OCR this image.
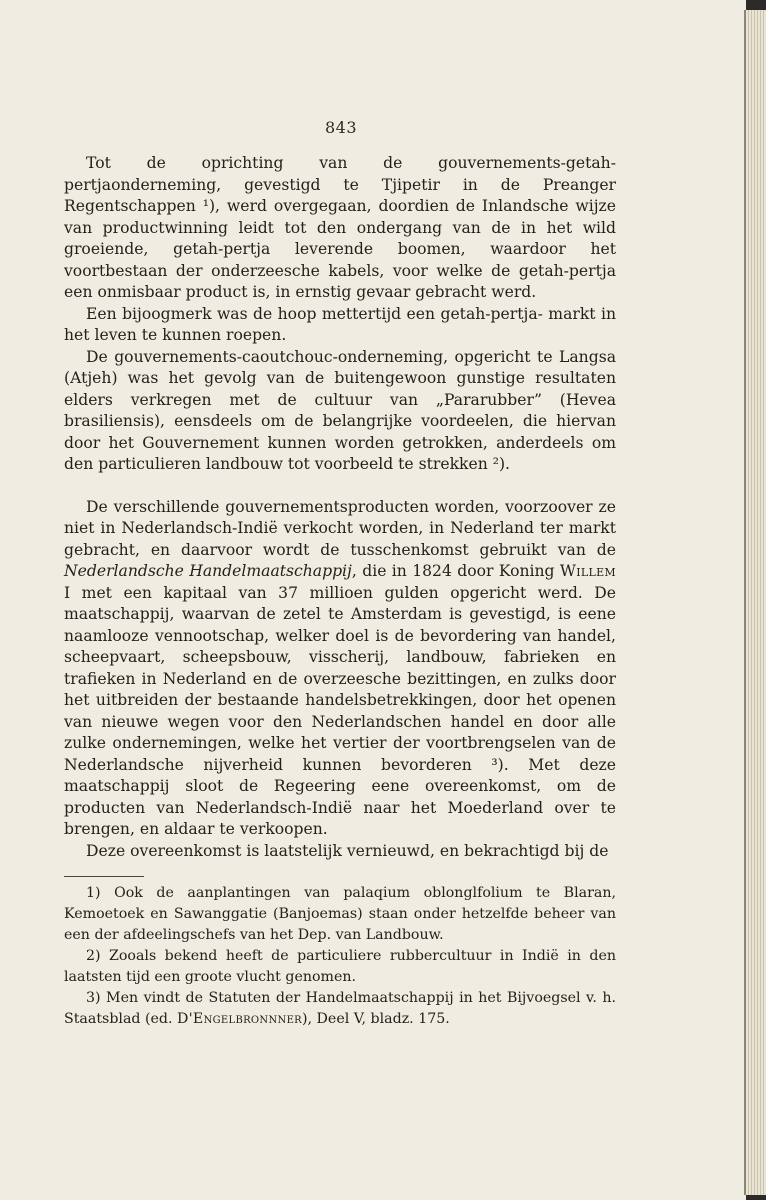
843

Tot de oprichting van de gouvernements-getah-pertjaonderneming, gevestigd te Tjipetir in de Preanger Regentschappen ¹), werd overgegaan, doordien de Inlandsche wijze van productwinning leidt tot den ondergang van de in het wild groeiende, getah-pertja leverende boomen, waardoor het voortbestaan der onderzeesche kabels, voor welke de getah-pertja een onmisbaar product is, in ernstig gevaar gebracht werd.

Een bijoogmerk was de hoop mettertijd een getah-pertja- markt in het leven te kunnen roepen.

De gouvernements-caoutchouc-onderneming, opgericht te Langsa (Atjeh) was het gevolg van de buitengewoon gunstige resultaten elders verkregen met de cultuur van „Pararubber” (Hevea brasiliensis), eensdeels om de belangrijke voordeelen, die hiervan door het Gouvernement kunnen worden getrokken, anderdeels om den particulieren landbouw tot voorbeeld te strekken ²).

De verschillende gouvernementsproducten worden, voorzoover ze niet in Nederlandsch-Indië verkocht worden, in Nederland ter markt gebracht, en daarvoor wordt de tusschenkomst gebruikt van de Nederlandsche Handelmaatschappij, die in 1824 door Koning Willem I met een kapitaal van 37 millioen gulden opgericht werd. De maatschappij, waarvan de zetel te Amsterdam is gevestigd, is eene naamlooze vennootschap, welker doel is de bevordering van handel, scheepvaart, scheepsbouw, visscherij, landbouw, fabrieken en trafieken in Nederland en de overzeesche bezittingen, en zulks door het uitbreiden der bestaande handelsbetrekkingen, door het openen van nieuwe wegen voor den Nederlandschen handel en door alle zulke ondernemingen, welke het vertier der voortbrengselen van de Nederlandsche nijverheid kunnen bevorderen ³). Met deze maatschappij sloot de Regeering eene overeenkomst, om de producten van Nederlandsch-Indië naar het Moederland over te brengen, en aldaar te verkoopen.

Deze overeenkomst is laatstelijk vernieuwd, en bekrachtigd bij de

1) Ook de aanplantingen van palaqium oblonglfolium te Blaran, Kemoetoek en Sawanggatie (Banjoemas) staan onder hetzelfde beheer van een der afdeelingschefs van het Dep. van Landbouw.

2) Zooals bekend heeft de particuliere rubbercultuur in Indië in den laatsten tijd een groote vlucht genomen.

3) Men vindt de Statuten der Handelmaatschappij in het Bijvoegsel v. h. Staatsblad (ed. D'Engelbronnner), Deel V, bladz. 175.
